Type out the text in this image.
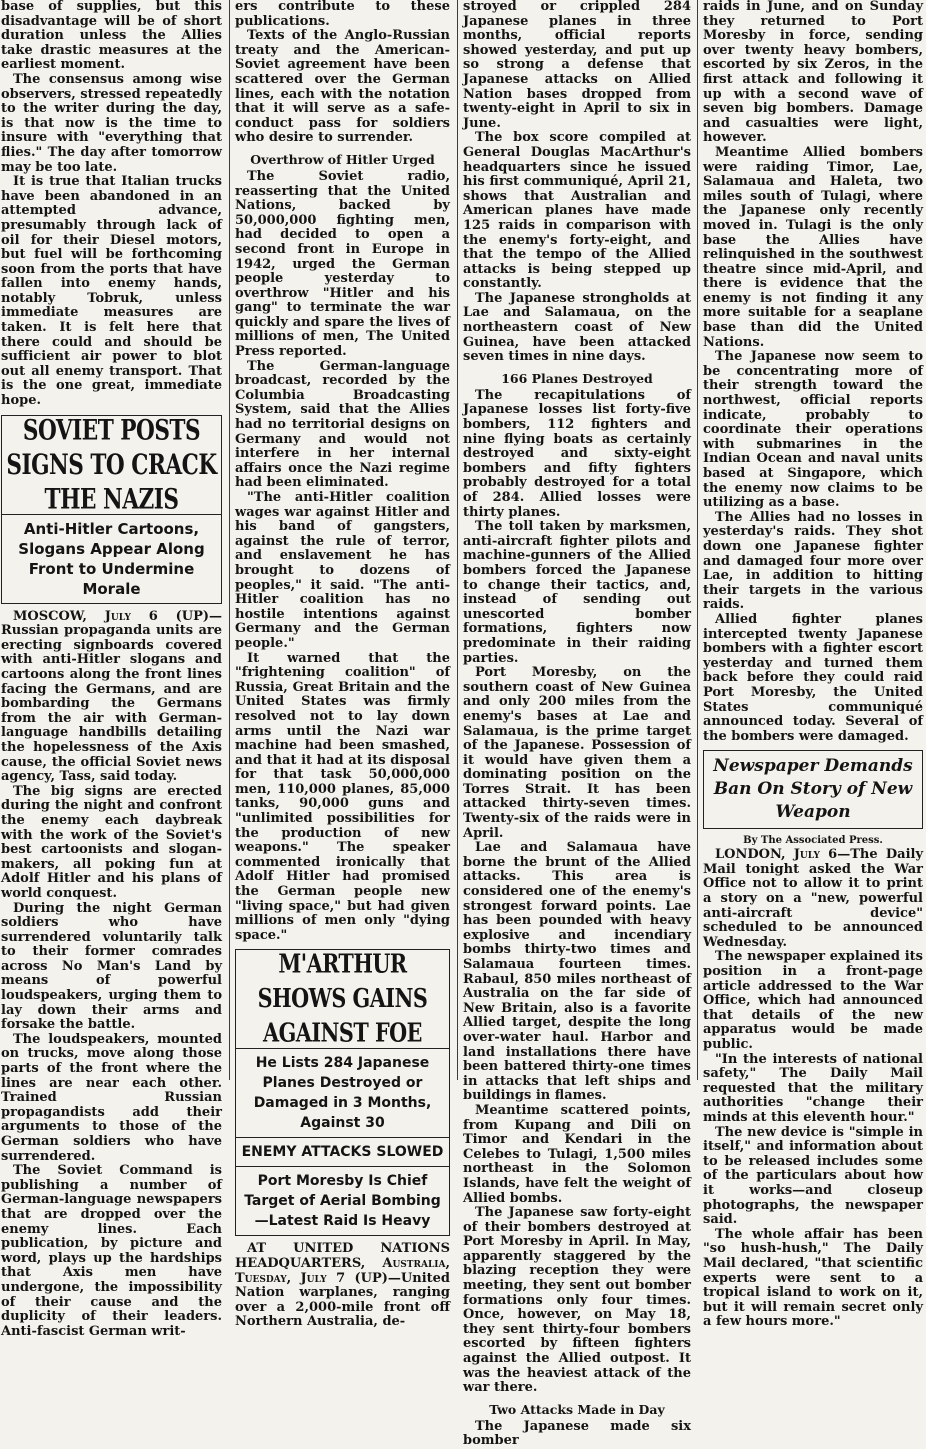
base of supplies, but this disadvantage will be of short duration unless the Allies take drastic measures at the earliest moment.

The consensus among wise observers, stressed repeatedly to the writer during the day, is that now is the time to insure with "everything that flies." The day after tomorrow may be too late.

It is true that Italian trucks have been abandoned in an attempted advance, presumably through lack of oil for their Diesel motors, but fuel will be forthcoming soon from the ports that have fallen into enemy hands, notably Tobruk, unless immediate measures are taken. It is felt here that there could and should be sufficient air power to blot out all enemy transport. That is the one great, immediate hope.

SOVIET POSTS SIGNS TO CRACK THE NAZIS
Anti-Hitler Cartoons, Slogans Appear Along Front to Undermine Morale

MOSCOW, July 6 (UP)—Russian propaganda units are erecting signboards covered with anti-Hitler slogans and cartoons along the front lines facing the Germans, and are bombarding the Germans from the air with German-language handbills detailing the hopelessness of the Axis cause, the official Soviet news agency, Tass, said today.

The big signs are erected during the night and confront the enemy each daybreak with the work of the Soviet's best cartoonists and slogan-makers, all poking fun at Adolf Hitler and his plans of world conquest.

During the night German soldiers who have surrendered voluntarily talk to their former comrades across No Man's Land by means of powerful loudspeakers, urging them to lay down their arms and forsake the battle.

The loudspeakers, mounted on trucks, move along those parts of the front where the lines are near each other. Trained Russian propagandists add their arguments to those of the German soldiers who have surrendered.

The Soviet Command is publishing a number of German-language newspapers that are dropped over the enemy lines. Each publication, by picture and word, plays up the hardships that Axis men have undergone, the impossibility of their cause and the duplicity of their leaders. Anti-fascist German writ-

ers contribute to these publications.

Texts of the Anglo-Russian treaty and the American-Soviet agreement have been scattered over the German lines, each with the notation that it will serve as a safe-conduct pass for soldiers who desire to surrender.

Overthrow of Hitler Urged

The Soviet radio, reasserting that the United Nations, backed by 50,000,000 fighting men, had decided to open a second front in Europe in 1942, urged the German people yesterday to overthrow "Hitler and his gang" to terminate the war quickly and spare the lives of millions of men, The United Press reported.

The German-language broadcast, recorded by the Columbia Broadcasting System, said that the Allies had no territorial designs on Germany and would not interfere in her internal affairs once the Nazi regime had been eliminated.

"The anti-Hitler coalition wages war against Hitler and his band of gangsters, against the rule of terror, and enslavement he has brought to dozens of peoples," it said. "The anti-Hitler coalition has no hostile intentions against Germany and the German people."

It warned that the "frightening coalition" of Russia, Great Britain and the United States was firmly resolved not to lay down arms until the Nazi war machine had been smashed, and that it had at its disposal for that task 50,000,000 men, 110,000 planes, 85,000 tanks, 90,000 guns and "unlimited possibilities for the production of new weapons." The speaker commented ironically that Adolf Hitler had promised the German people new "living space," but had given millions of men only "dying space."

M'ARTHUR SHOWS GAINS AGAINST FOE
He Lists 284 Japanese Planes Destroyed or Damaged in 3 Months, Against 30
ENEMY ATTACKS SLOWED
Port Moresby Is Chief Target of Aerial Bombing—Latest Raid Is Heavy

AT UNITED NATIONS HEADQUARTERS, Australia, Tuesday, July 7 (UP)—United Nation warplanes, ranging over a 2,000-mile front off Northern Australia, de-

stroyed or crippled 284 Japanese planes in three months, official reports showed yesterday, and put up so strong a defense that Japanese attacks on Allied Nation bases dropped from twenty-eight in April to six in June.

The box score compiled at General Douglas MacArthur's headquarters since he issued his first communiqué, April 21, shows that Australian and American planes have made 125 raids in comparison with the enemy's forty-eight, and that the tempo of the Allied attacks is being stepped up constantly.

The Japanese strongholds at Lae and Salamaua, on the northeastern coast of New Guinea, have been attacked seven times in nine days.

166 Planes Destroyed

The recapitulations of Japanese losses list forty-five bombers, 112 fighters and nine flying boats as certainly destroyed and sixty-eight bombers and fifty fighters probably destroyed for a total of 284. Allied losses were thirty planes.

The toll taken by marksmen, anti-aircraft fighter pilots and machine-gunners of the Allied bombers forced the Japanese to change their tactics, and, instead of sending out unescorted bomber formations, fighters now predominate in their raiding parties.

Port Moresby, on the southern coast of New Guinea and only 200 miles from the enemy's bases at Lae and Salamaua, is the prime target of the Japanese. Possession of it would have given them a dominating position on the Torres Strait. It has been attacked thirty-seven times. Twenty-six of the raids were in April.

Lae and Salamaua have borne the brunt of the Allied attacks. This area is considered one of the enemy's strongest forward points. Lae has been pounded with heavy explosive and incendiary bombs thirty-two times and Salamaua fourteen times. Rabaul, 850 miles northeast of Australia on the far side of New Britain, also is a favorite Allied target, despite the long over-water haul. Harbor and land installations there have been battered thirty-one times in attacks that left ships and buildings in flames.

Meantime scattered points, from Kupang and Dili on Timor and Kendari in the Celebes to Tulagi, 1,500 miles northeast in the Solomon Islands, have felt the weight of Allied bombs.

The Japanese saw forty-eight of their bombers destroyed at Port Moresby in April. In May, apparently staggered by the blazing reception they were meeting, they sent out bomber formations only four times. Once, however, on May 18, they sent thirty-four bombers escorted by fifteen fighters against the Allied outpost. It was the heaviest attack of the war there.

Two Attacks Made in Day

The Japanese made six bomber

raids in June, and on Sunday they returned to Port Moresby in force, sending over twenty heavy bombers, escorted by six Zeros, in the first attack and following it up with a second wave of seven big bombers. Damage and casualties were light, however.

Meantime Allied bombers were raiding Timor, Lae, Salamaua and Haleta, two miles south of Tulagi, where the Japanese only recently moved in. Tulagi is the only base the Allies have relinquished in the southwest theatre since mid-April, and there is evidence that the enemy is not finding it any more suitable for a seaplane base than did the United Nations.

The Japanese now seem to be concentrating more of their strength toward the northwest, official reports indicate, probably to coordinate their operations with submarines in the Indian Ocean and naval units based at Singapore, which the enemy now claims to be utilizing as a base.

The Allies had no losses in yesterday's raids. They shot down one Japanese fighter and damaged four more over Lae, in addition to hitting their targets in the various raids.

Allied fighter planes intercepted twenty Japanese bombers with a fighter escort yesterday and turned them back before they could raid Port Moresby, the United States communiqué announced today. Several of the bombers were damaged.

Newspaper Demands Ban On Story of New Weapon
By The Associated Press.

LONDON, July 6—The Daily Mail tonight asked the War Office not to allow it to print a story on a "new, powerful anti-aircraft device" scheduled to be announced Wednesday.

The newspaper explained its position in a front-page article addressed to the War Office, which had announced that details of the new apparatus would be made public.

"In the interests of national safety," The Daily Mail requested that the military authorities "change their minds at this eleventh hour."

The new device is "simple in itself," and information about to be released includes some of the particulars about how it works—and closeup photographs, the newspaper said.

The whole affair has been "so hush-hush," The Daily Mail declared, "that scientific experts were sent to a tropical island to work on it, but it will remain secret only a few hours more."
